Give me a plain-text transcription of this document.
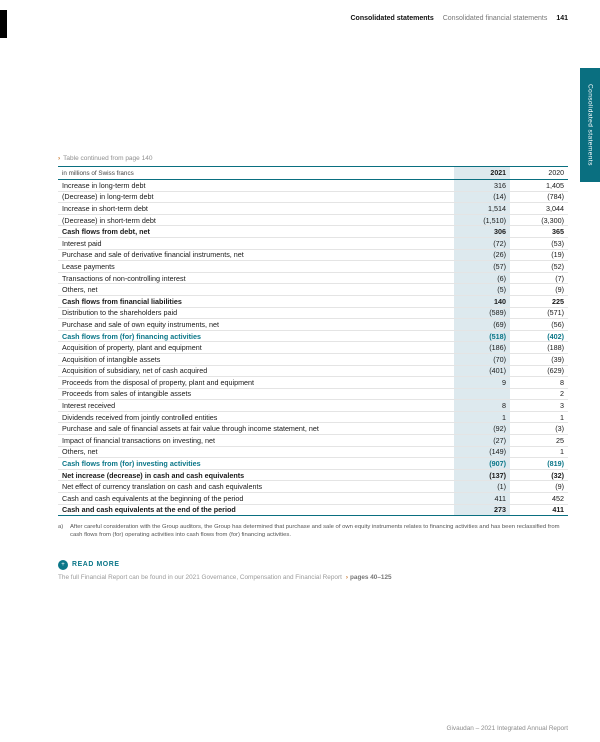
Consolidated statements Consolidated financial statements 141
Consolidated statements
› Table continued from page 140
in millions of Swiss francs	2021	2020
Increase in long-term debt	316	1,405
(Decrease) in long-term debt	(14)	(784)
Increase in short-term debt	1,514	3,044
(Decrease) in short-term debt	(1,510)	(3,300)
Cash flows from debt, net	306	365
Interest paid	(72)	(53)
Purchase and sale of derivative financial instruments, net	(26)	(19)
Lease payments	(57)	(52)
Transactions of non-controlling interest	(6)	(7)
Others, net	(5)	(9)
Cash flows from financial liabilities	140	225
Distribution to the shareholders paid	(589)	(571)
Purchase and sale of own equity instruments, net	(69)	(56)
Cash flows from (for) financing activities	(518)	(402)
Acquisition of property, plant and equipment	(186)	(188)
Acquisition of intangible assets	(70)	(39)
Acquisition of subsidiary, net of cash acquired	(401)	(629)
Proceeds from the disposal of property, plant and equipment	9	8
Proceeds from sales of intangible assets		2
Interest received	8	3
Dividends received from jointly controlled entities	1	1
Purchase and sale of financial assets at fair value through income statement, net	(92)	(3)
Impact of financial transactions on investing, net	(27)	25
Others, net	(149)	1
Cash flows from (for) investing activities	(907)	(819)
Net increase (decrease) in cash and cash equivalents	(137)	(32)
Net effect of currency translation on cash and cash equivalents	(1)	(9)
Cash and cash equivalents at the beginning of the period	411	452
Cash and cash equivalents at the end of the period	273	411
a)	After careful consideration with the Group auditors, the Group has determined that purchase and sale of own equity instruments relates to financing activities and has been reclassified from cash flows from (for) operating activities into cash flows from (for) financing activities.
+	READ MORE
The full Financial Report can be found in our 2021 Governance, Compensation and Financial Report › pages 40–125
Givaudan – 2021 Integrated Annual Report
